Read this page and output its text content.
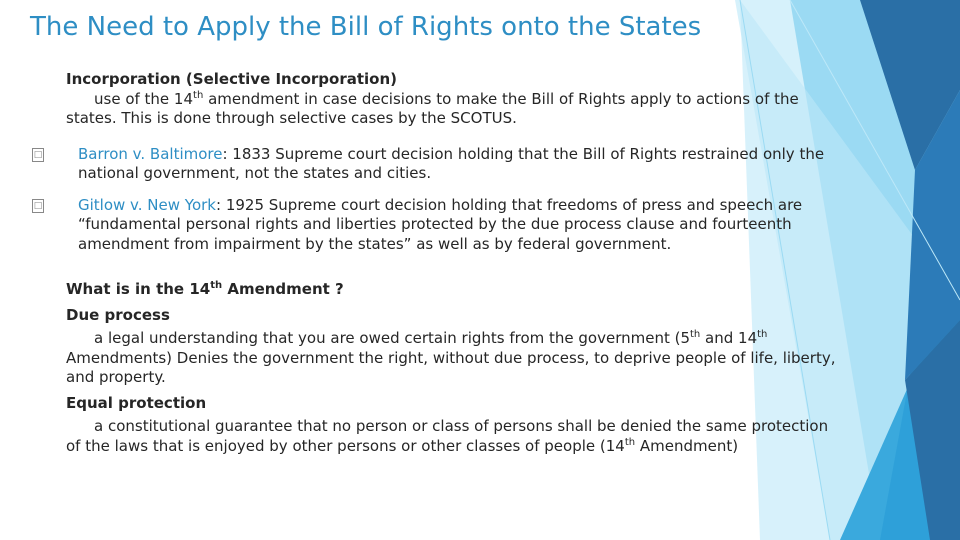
The Need to Apply the Bill of Rights onto the States
Incorporation (Selective Incorporation)
use of the 14th amendment in case decisions to make the Bill of Rights apply to actions of the states. This is done through selective cases by the SCOTUS.
□ Barron v. Baltimore: 1833 Supreme court decision holding that the Bill of Rights restrained only the national government, not the states and cities.
□ Gitlow v. New York: 1925 Supreme court decision holding that freedoms of press and speech are “fundamental personal rights and liberties protected by the due process clause and fourteenth amendment from impairment by the states” as well as by federal government.
What is in the 14th Amendment ?
Due process
a legal understanding that you are owed certain rights from the government (5th and 14th Amendments) Denies the government the right, without due process, to deprive people of life, liberty, and property.
Equal protection
a constitutional guarantee that no person or class of persons shall be denied the same protection of the laws that is enjoyed by other persons or other classes of people (14th Amendment)
